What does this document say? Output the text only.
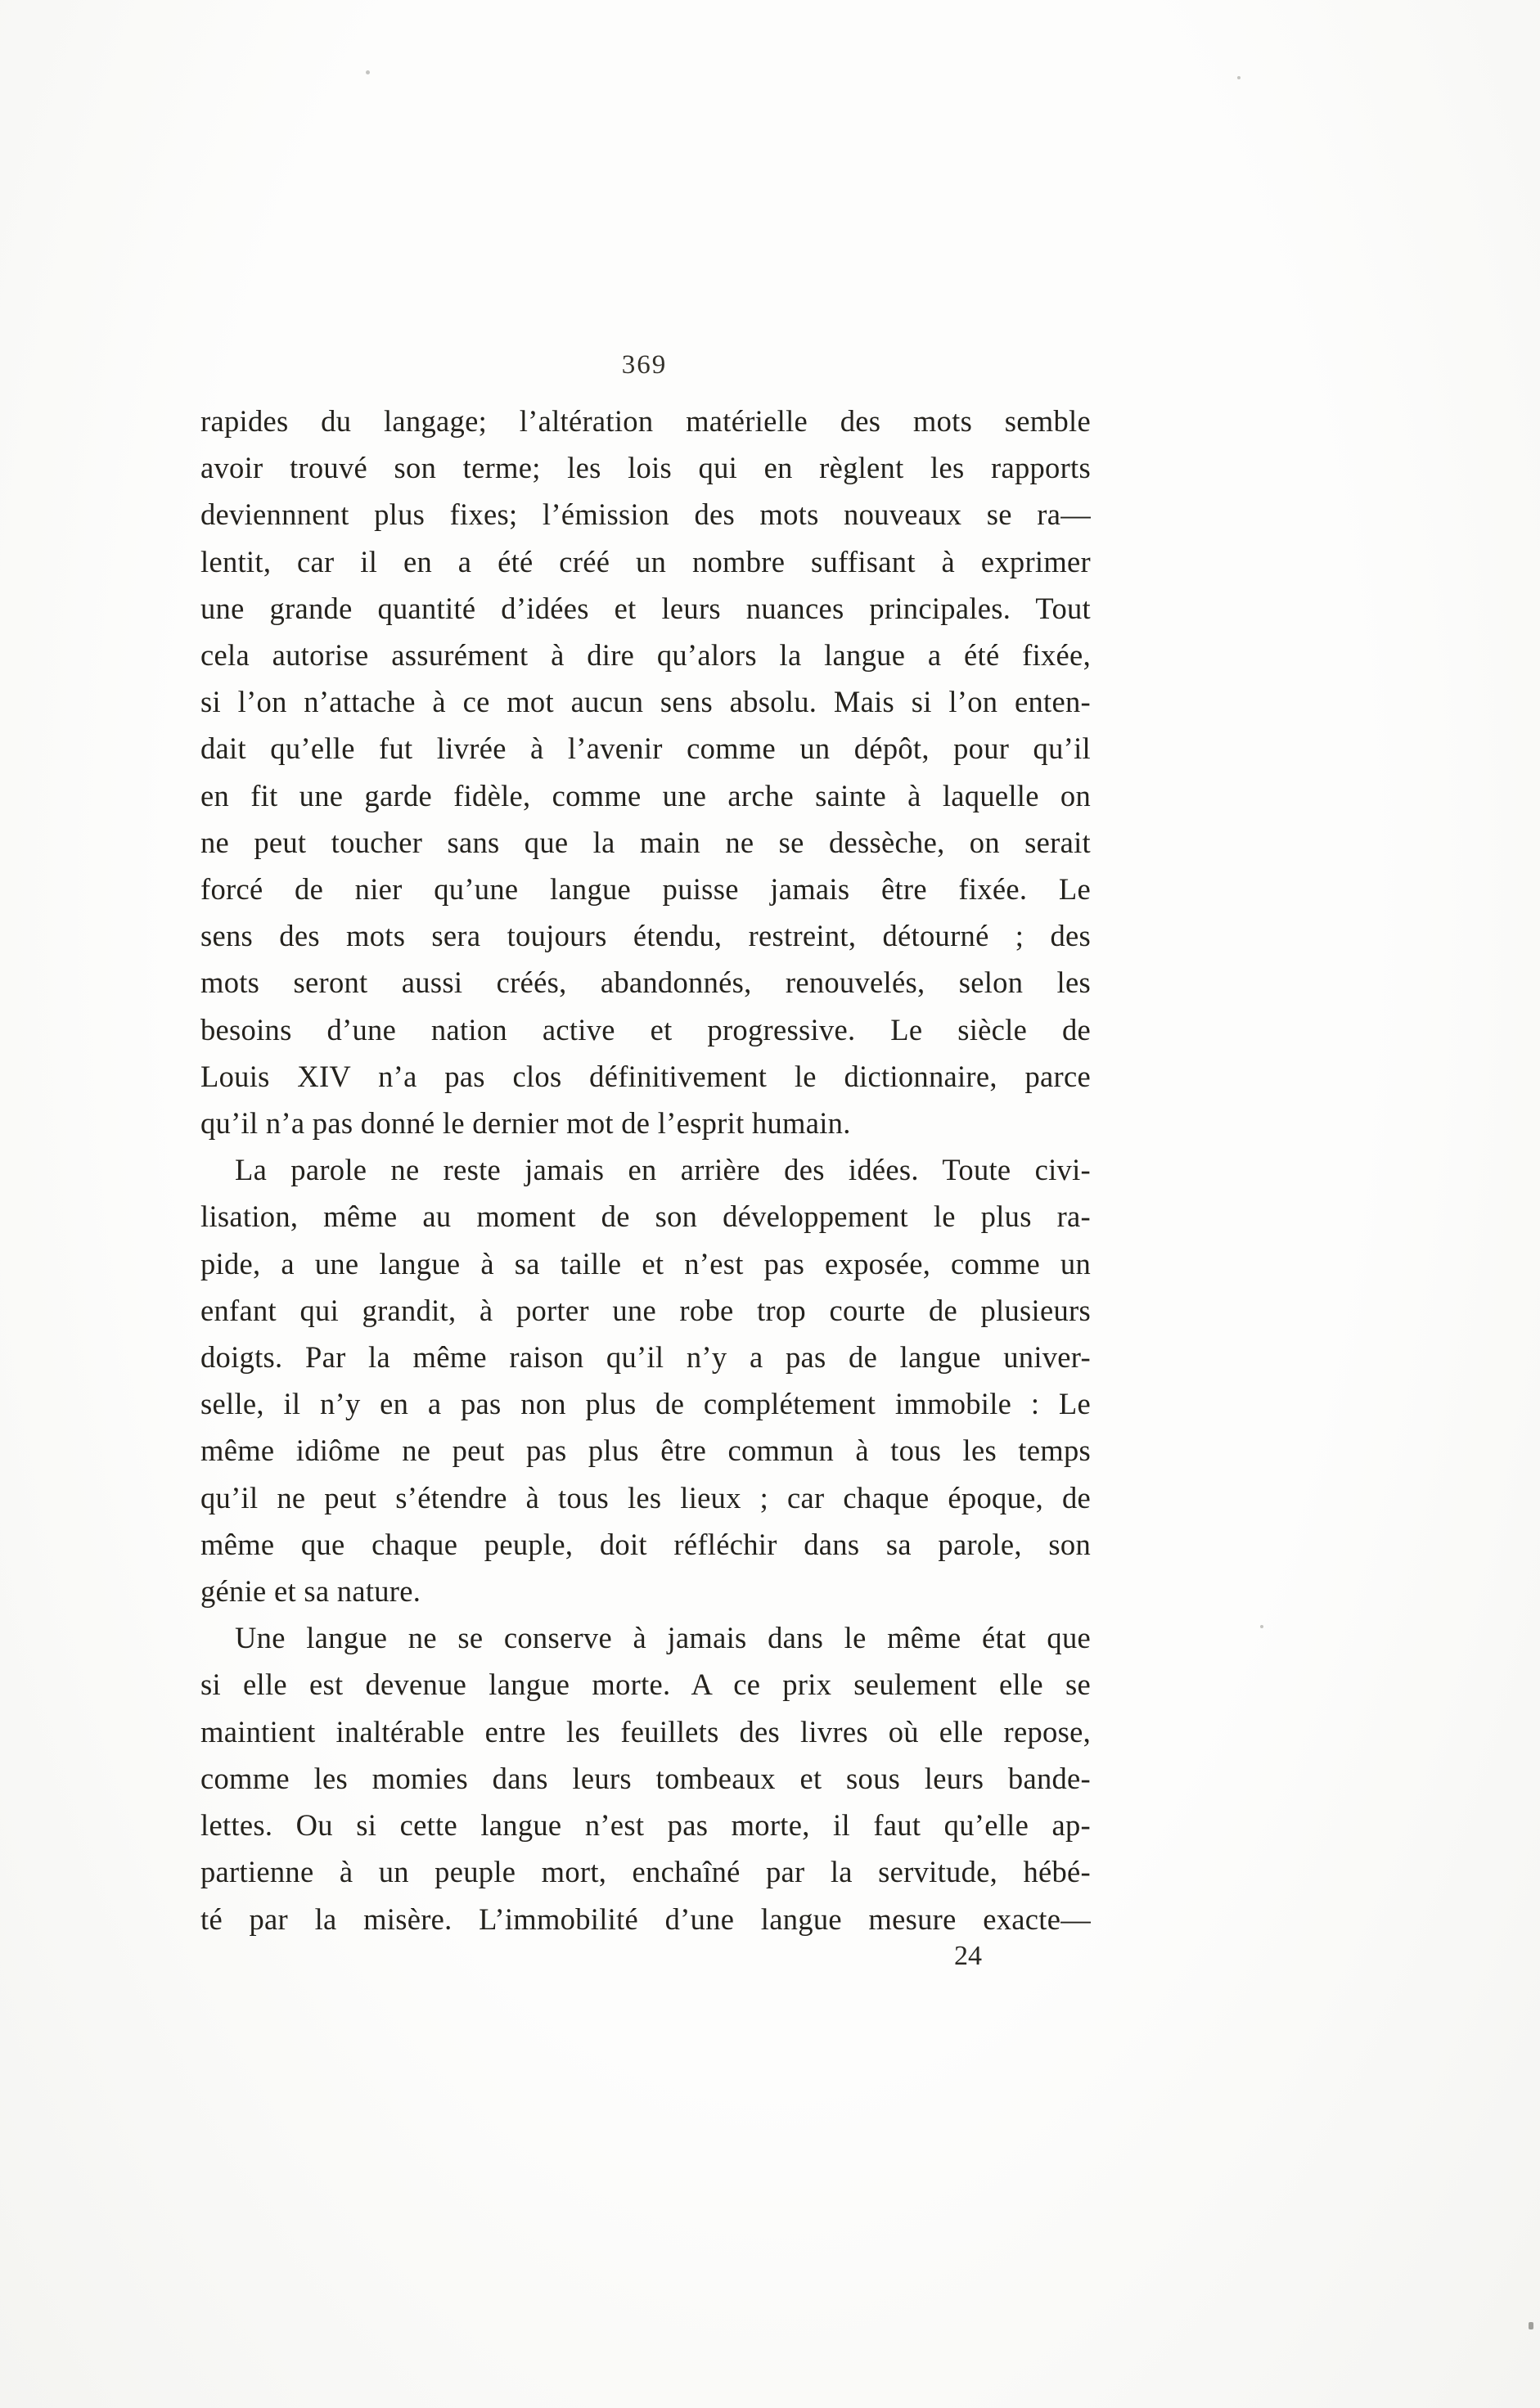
369
rapides du langage; l’altération matérielle des mots semble
avoir trouvé son terme; les lois qui en règlent les rapports
deviennnent plus fixes; l’émission des mots nouveaux se ra—
lentit, car il en a été créé un nombre suffisant à exprimer
une grande quantité d’idées et leurs nuances principales. Tout
cela autorise assurément à dire qu’alors la langue a été fixée,
si l’on n’attache à ce mot aucun sens absolu. Mais si l’on enten-
dait qu’elle fut livrée à l’avenir comme un dépôt, pour qu’il
en fit une garde fidèle, comme une arche sainte à laquelle on
ne peut toucher sans que la main ne se dessèche, on serait
forcé de nier qu’une langue puisse jamais être fixée. Le
sens des mots sera toujours étendu, restreint, détourné ; des
mots seront aussi créés, abandonnés, renouvelés, selon les
besoins d’une nation active et progressive. Le siècle de
Louis XIV n’a pas clos définitivement le dictionnaire, parce
qu’il n’a pas donné le dernier mot de l’esprit humain.
La parole ne reste jamais en arrière des idées. Toute civi-
lisation, même au moment de son développement le plus ra-
pide, a une langue à sa taille et n’est pas exposée, comme un
enfant qui grandit, à porter une robe trop courte de plusieurs
doigts. Par la même raison qu’il n’y a pas de langue univer-
selle, il n’y en a pas non plus de complétement immobile : Le
même idiôme ne peut pas plus être commun à tous les temps
qu’il ne peut s’étendre à tous les lieux ; car chaque époque, de
même que chaque peuple, doit réfléchir dans sa parole, son
génie et sa nature.
Une langue ne se conserve à jamais dans le même état que
si elle est devenue langue morte. A ce prix seulement elle se
maintient inaltérable entre les feuillets des livres où elle repose,
comme les momies dans leurs tombeaux et sous leurs bande-
lettes. Ou si cette langue n’est pas morte, il faut qu’elle ap-
partienne à un peuple mort, enchaîné par la servitude, hébé-
té par la misère. L’immobilité d’une langue mesure exacte—
24
